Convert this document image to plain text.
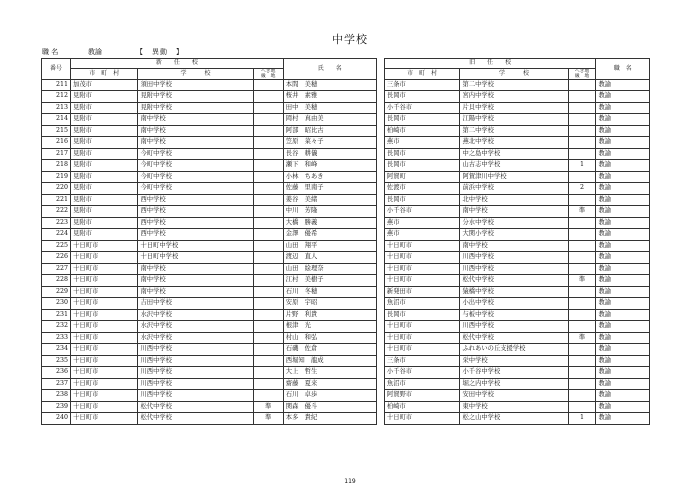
中学校
職 名	教諭	【　異動　】
番号	新　　任　　校			氏　　名		旧　　任　　校			職　名
	市　町　村	学　　　校	へき地
級　地			市　町　村	学　　　校	へき地
級　地	

211	加茂市	須田中学校		本間　美穂		三条市	第二中学校		教諭
212	見附市	見附中学校		桜井　素雅		長岡市	宮内中学校		教諭
213	見附市	見附中学校		田中　美穂		小千谷市	片貝中学校		教諭
214	見附市	南中学校		岡村　真由美		長岡市	江陽中学校		教諭
215	見附市	南中学校		阿部　昭比古		柏崎市	第二中学校		教諭
216	見附市	南中学校		笠原　菜々子		燕市	燕北中学校		教諭
217	見附市	今町中学校		長谷　耕儀		長岡市	中之島中学校		教諭
218	見附市	今町中学校		瀬下　和峰		長岡市	山古志中学校	1	教諭
219	見附市	今町中学校		小林　ちあき		阿賀町	阿賀津川中学校		教諭
220	見附市	今町中学校		佐藤　里南子		佐渡市	前浜中学校	2	教諭
221	見附市	西中学校		姜谷　美緒		長岡市	北中学校		教諭
222	見附市	西中学校		中川　芳隆		小千谷市	南中学校	準	教諭
223	見附市	西中学校		大橋　勝義		燕市	分水中学校		教諭
224	見附市	西中学校		金澤　優希		燕市	大関小学校		教諭
225	十日町市	十日町中学校		山田　翔平		十日町市	南中学校		教諭
226	十日町市	十日町中学校		渡辺　直人		十日町市	川西中学校		教諭
227	十日町市	南中学校		山田　絵理奈		十日町市	川西中学校		教諭
228	十日町市	南中学校		江村　美樹子		十日町市	松代中学校	準	教諭
229	十日町市	南中学校		石川　冬穂		新発田市	猿橋中学校		教諭
230	十日町市	吉田中学校		安原　宇昭		魚沼市	小出中学校		教諭
231	十日町市	水沢中学校		片野　利貴		長岡市	与板中学校		教諭
232	十日町市	水沢中学校		根津　光		十日町市	川西中学校		教諭
233	十日町市	水沢中学校		村山　和弘		十日町市	松代中学校	準	教諭
234	十日町市	川西中学校		石磯　佐倉		十日町市	ふれあいの丘支援学校		教諭
235	十日町市	川西中学校		西堀知　龍成		三条市	栄中学校		教諭
236	十日町市	川西中学校		大上　哲生		小千谷市	小千谷中学校		教諭
237	十日町市	川西中学校		齋藤　夏来		魚沼市	堀之内中学校		教諭
238	十日町市	川西中学校		石川　卓歩		阿賀野市	安田中学校		教諭
239	十日町市	松代中学校	準	関森　優斗		柏崎市	東中学校		教諭
240	十日町市	松代中学校	準	本多　貴紀		十日町市	松之山中学校	1	教諭
119
